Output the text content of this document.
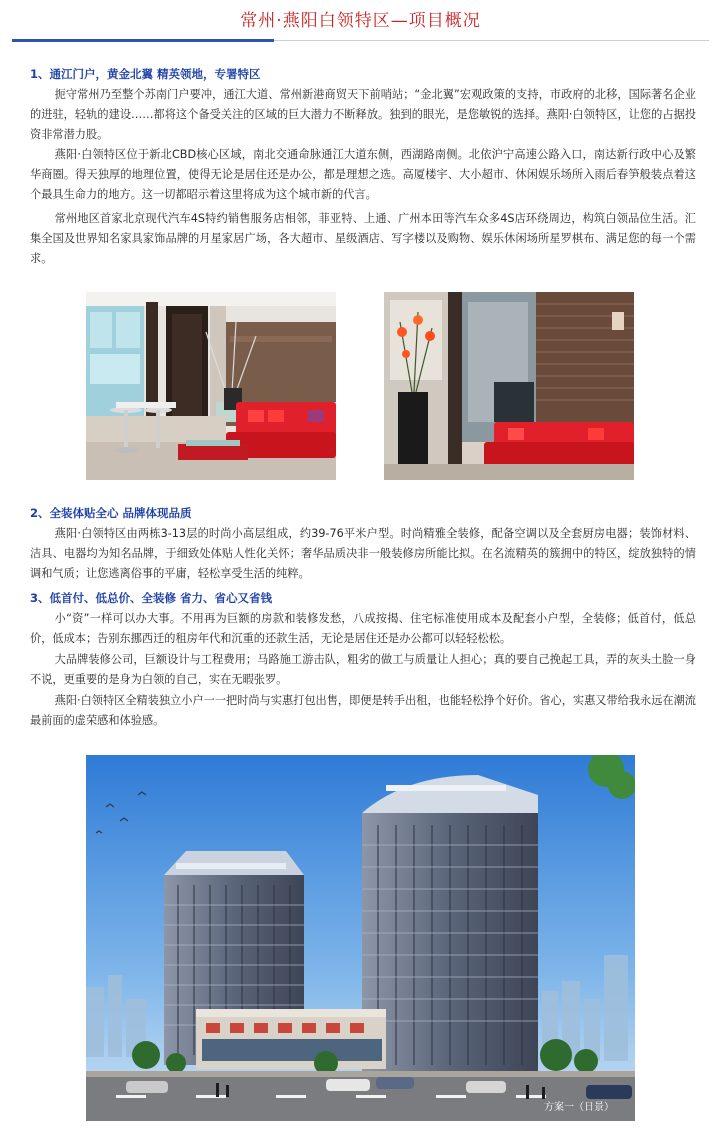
常州·燕阳白领特区—项目概况
1、通江门户，黄金北翼 精英领地，专署特区

扼守常州乃至整个苏南门户要冲，通江大道、常州新港商贸天下前哨站；“金北翼”宏观政策的支持，市政府的北移，国际著名企业的进驻，轻轨的建设……都将这个备受关注的区域的巨大潜力不断释放。独到的眼光，是您敏锐的选择。燕阳·白领特区，让您的占据投资非常潜力股。

燕阳·白领特区位于新北CBD核心区域，南北交通命脉通江大道东侧，西湖路南侧。北依沪宁高速公路入口，南达新行政中心及繁华商圈。得天独厚的地理位置，使得无论是居住还是办公，都是理想之选。高厦楼宇、大小超市、休闲娱乐场所入雨后春笋般装点着这个最具生命力的地方。这一切都昭示着这里将成为这个城市新的代言。

常州地区首家北京现代汽车4S特约销售服务店相邻，菲亚特、上通、广州本田等汽车众多4S店环绕周边，构筑白领品位生活。汇集全国及世界知名家具家饰品牌的月星家居广场，各大超市、星级酒店、写字楼以及购物、娱乐休闲场所星罗棋布、满足您的每一个需求。

2、全装体贴全心 品牌体现品质

燕阳·白领特区由两栋3-13层的时尚小高层组成，约39-76平米户型。时尚精雅全装修，配备空调以及全套厨房电器；装饰材料、洁具、电器均为知名品牌，于细致处体贴人性化关怀；奢华品质决非一般装修房所能比拟。在名流精英的簇拥中的特区，绽放独特的情调和气质；让您逃离俗事的平庸，轻松享受生活的纯粹。

3、低首付、低总价、全装修 省力、省心又省钱

小“资”一样可以办大事。不用再为巨额的房款和装修发愁，八成按揭、住宅标准使用成本及配套小户型，全装修；低首付，低总价，低成本；告别东挪西迁的租房年代和沉重的还款生活，无论是居住还是办公都可以轻轻松松。

大品牌装修公司，巨额设计与工程费用；马路施工游击队，粗劣的做工与质量让人担心；真的要自己挽起工具，弄的灰头土脸一身不说，更重要的是身为白领的自己，实在无暇张罗。

燕阳·白领特区全精装独立小户一一把时尚与实惠打包出售，即便是转手出租，也能轻松挣个好价。省心，实惠又带给我永远在潮流最前面的虚荣感和体验感。

方案一（日景）
